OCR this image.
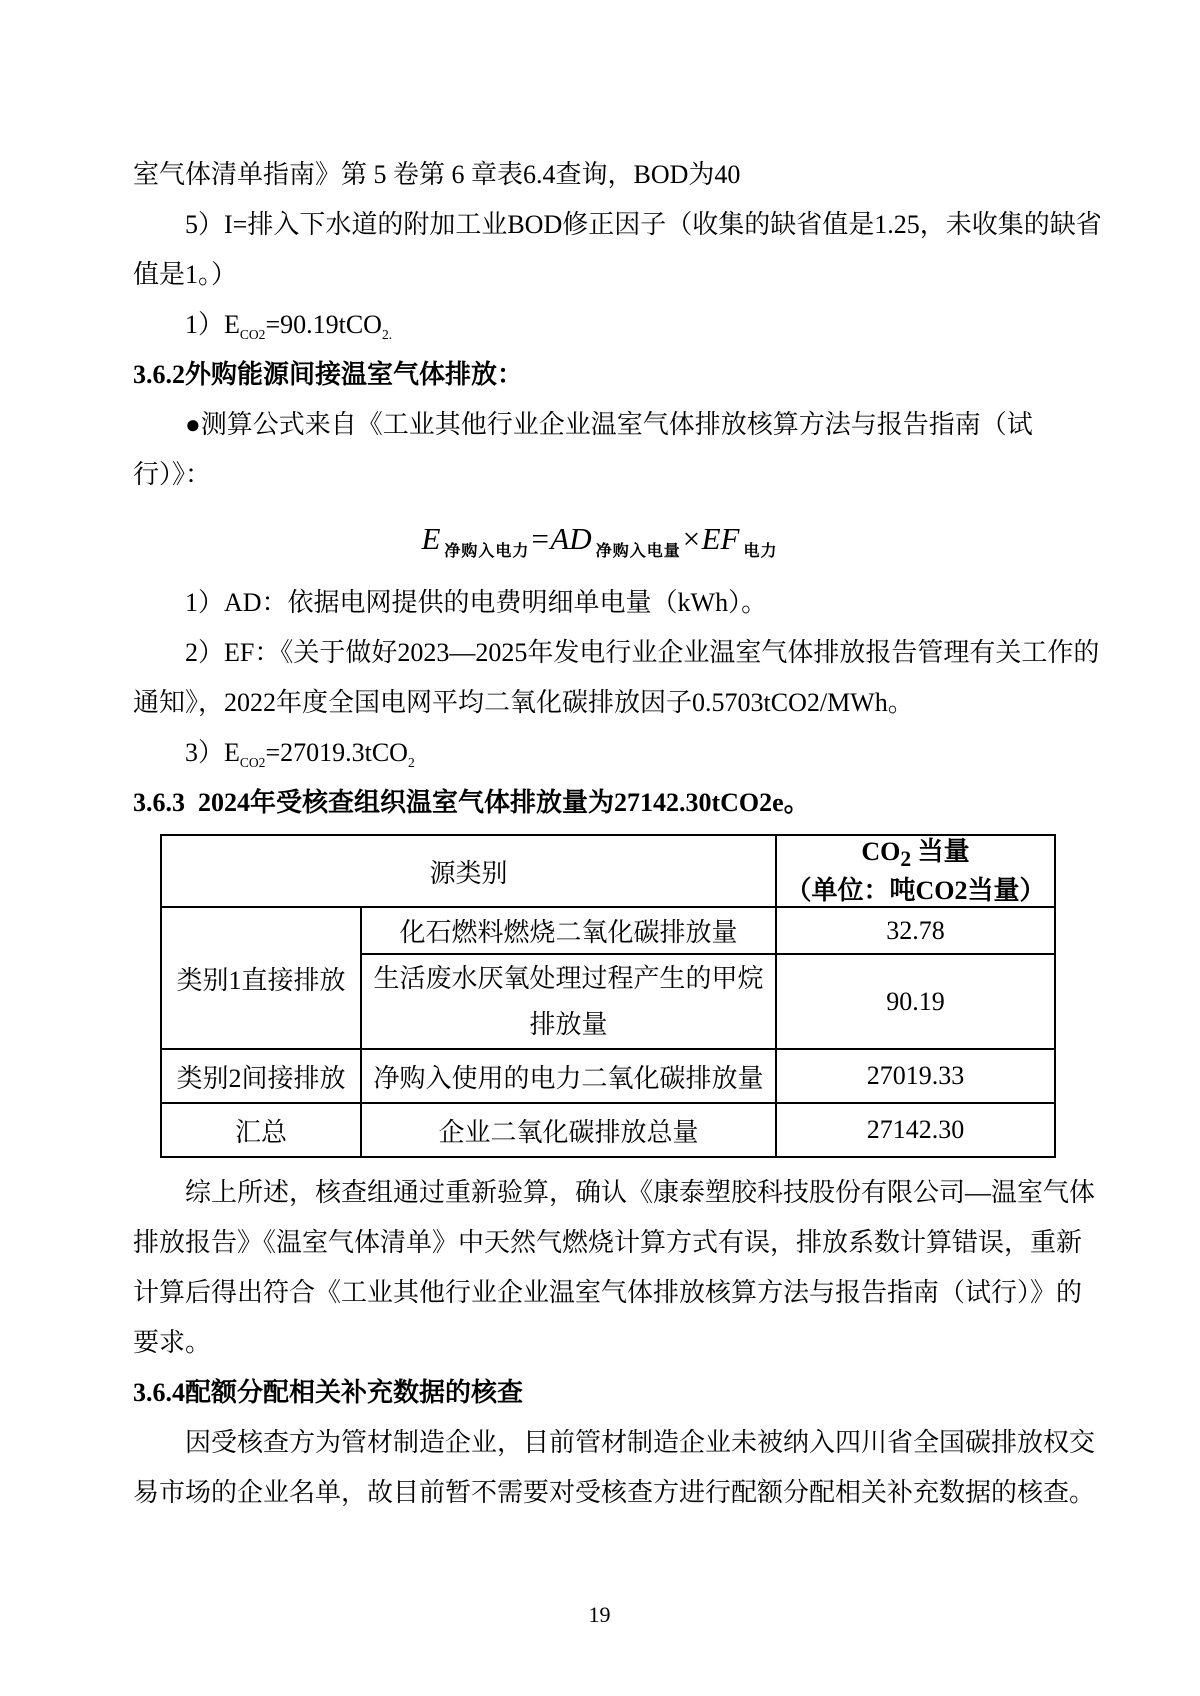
室气体清单指南》第 5 卷第 6 章表6.4查询，BOD为40
5）I=排入下水道的附加工业BOD修正因子（收集的缺省值是1.25，未收集的缺省
值是1。）
$1)E_{CO2}=90.19tCO_{2.}$
3.6.2外购能源间接温室气体排放：
●测算公式来自《工业其他行业企业温室气体排放核算方法与报告指南（试
行）》：
E $_{净购入电力}$=AD $_{净购入电量}$×EF $_{电力}$
1）AD：依据电网提供的电费明细单电量（kWh）。
2）EF：《关于做好2023—2025年发电行业企业温室气体排放报告管理有关工作的
通知》，2022年度全国电网平均二氧化碳排放因子0.5703tCO2/MWh。
$3)E_{CO2}=27019.3tCO_2$
3.6.3  2024年受核查组织温室气体排放量为27142.30tCO2e。
源类别		$CO_2$ 当量
（单位：吨CO2当量）

类别1直接排放	化石燃料燃烧二氧化碳排放量	32.78
	生活废水厌氧处理过程产生的甲烷排放量	90.19
类别2间接排放	净购入使用的电力二氧化碳排放量	27019.33
汇总	企业二氧化碳排放总量	27142.30
综上所述，核查组通过重新验算，确认《康泰塑胶科技股份有限公司—温室气体
排放报告》《温室气体清单》中天然气燃烧计算方式有误，排放系数计算错误，重新
计算后得出符合《工业其他行业企业温室气体排放核算方法与报告指南（试行）》的
要求。
3.6.4配额分配相关补充数据的核查
因受核查方为管材制造企业，目前管材制造企业未被纳入四川省全国碳排放权交
易市场的企业名单，故目前暂不需要对受核查方进行配额分配相关补充数据的核查。
19
